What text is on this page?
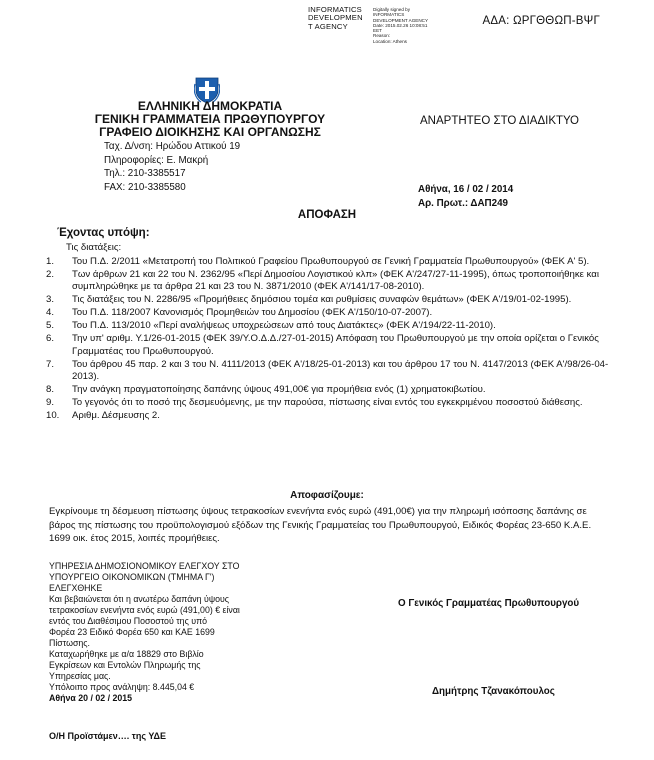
INFORMATICS
DEVELOPMEN
T AGENCY
Digitally signed by
INFORMATICS
DEVELOPMENT AGENCY
Date: 2015.02.26 10:08:51
EET
Reason:
Location: Athens
ΑΔΑ: ΩΡΓΘΘΩΠ-ΒΨΓ
ΕΛΛΗΝΙΚΗ ΔΗΜΟΚΡΑΤΙΑ
ΓΕΝΙΚΗ ΓΡΑΜΜΑΤΕΙΑ ΠΡΩΘΥΠΟΥΡΓΟΥ
ΓΡΑΦΕΙΟ ΔΙΟΙΚΗΣΗΣ ΚΑΙ ΟΡΓΑΝΩΣΗΣ
ΑΝΑΡΤΗΤΕΟ ΣΤΟ ΔΙΑΔΙΚΤΥΟ
Ταχ. Δ/νση: Ηρώδου Αττικού 19
Πληροφορίες: Ε. Μακρή
Τηλ.: 210-3385517
FAX: 210-3385580	Αθήνα, 16 / 02 / 2014
Αρ. Πρωτ.: ΔΑΠ249
ΑΠΟΦΑΣΗ
Έχοντας υπόψη:
Τις διατάξεις:
1. Του Π.Δ. 2/2011 «Μετατροπή του Πολιτικού Γραφείου Πρωθυπουργού σε Γενική Γραμματεία Πρωθυπουργού» (ΦΕΚ Α' 5).
2. Των άρθρων 21 και 22 του Ν. 2362/95 «Περί Δημοσίου Λογιστικού κλπ» (ΦΕΚ Α'/247/27-11-1995), όπως τροποποιήθηκε και συμπληρώθηκε με τα άρθρα 21 και 23 του Ν. 3871/2010 (ΦΕΚ Α'/141/17-08-2010).
3. Τις διατάξεις του Ν. 2286/95 «Προμήθειες δημόσιου τομέα και ρυθμίσεις συναφών θεμάτων» (ΦΕΚ Α'/19/01-02-1995).
4. Του Π.Δ. 118/2007 Κανονισμός Προμηθειών του Δημοσίου (ΦΕΚ Α'/150/10-07-2007).
5. Του Π.Δ. 113/2010 «Περί αναλήψεως υποχρεώσεων από τους Διατάκτες» (ΦΕΚ Α'/194/22-11-2010).
6. Την υπ' αριθμ. Υ.1/26-01-2015 (ΦΕΚ 39/Υ.Ο.Δ.Δ./27-01-2015) Απόφαση του Πρωθυπουργού με την οποία ορίζεται ο Γενικός Γραμματέας του Πρωθυπουργού.
7. Του άρθρου 45 παρ. 2 και 3 του Ν. 4111/2013 (ΦΕΚ Α'/18/25-01-2013) και του άρθρου 17 του Ν. 4147/2013 (ΦΕΚ Α'/98/26-04-2013).
8. Την ανάγκη πραγματοποίησης δαπάνης ύψους 491,00€ για προμήθεια ενός (1) χρηματοκιβωτίου.
9. Το γεγονός ότι το ποσό της δεσμευόμενης, με την παρούσα, πίστωσης είναι εντός του εγκεκριμένου ποσοστού διάθεσης.
10. Αριθμ. Δέσμευσης 2.
Αποφασίζουμε:
Εγκρίνουμε τη δέσμευση πίστωσης ύψους τετρακοσίων ενενήντα ενός ευρώ (491,00€) για την πληρωμή ισόποσης δαπάνης σε βάρος της πίστωσης του προϋπολογισμού εξόδων της Γενικής Γραμματείας του Πρωθυπουργού, Ειδικός Φορέας 23-650 Κ.Α.Ε. 1699 οικ. έτος 2015, λοιπές προμήθειες.
ΥΠΗΡΕΣΙΑ ΔΗΜΟΣΙΟΝΟΜΙΚΟΥ ΕΛΕΓΧΟΥ ΣΤΟ
ΥΠΟΥΡΓΕΙΟ ΟΙΚΟΝΟΜΙΚΩΝ (ΤΜΗΜΑ Γ')
ΕΛΕΓΧΘΗΚΕ
Και βεβαιώνεται ότι η ανωτέρω δαπάνη ύψους
τετρακοσίων ενενήντα ενός ευρώ (491,00) € είναι
εντός του Διαθέσιμου Ποσοστού της υπό
Φορέα 23 Ειδικό Φορέα 650 και ΚΑΕ 1699
Πίστωσης.
Καταχωρήθηκε με α/α 18829 στο Βιβλίο
Εγκρίσεων και Εντολών Πληρωμής της
Υπηρεσίας μας.
Υπόλοιπο προς ανάληψη: 8.445,04 €
Αθήνα 20 / 02 / 2015
Ο Γενικός Γραμματέας Πρωθυπουργού
Δημήτρης Τζανακόπουλος
Ο/Η Προϊστάμεν…. της ΥΔΕ
